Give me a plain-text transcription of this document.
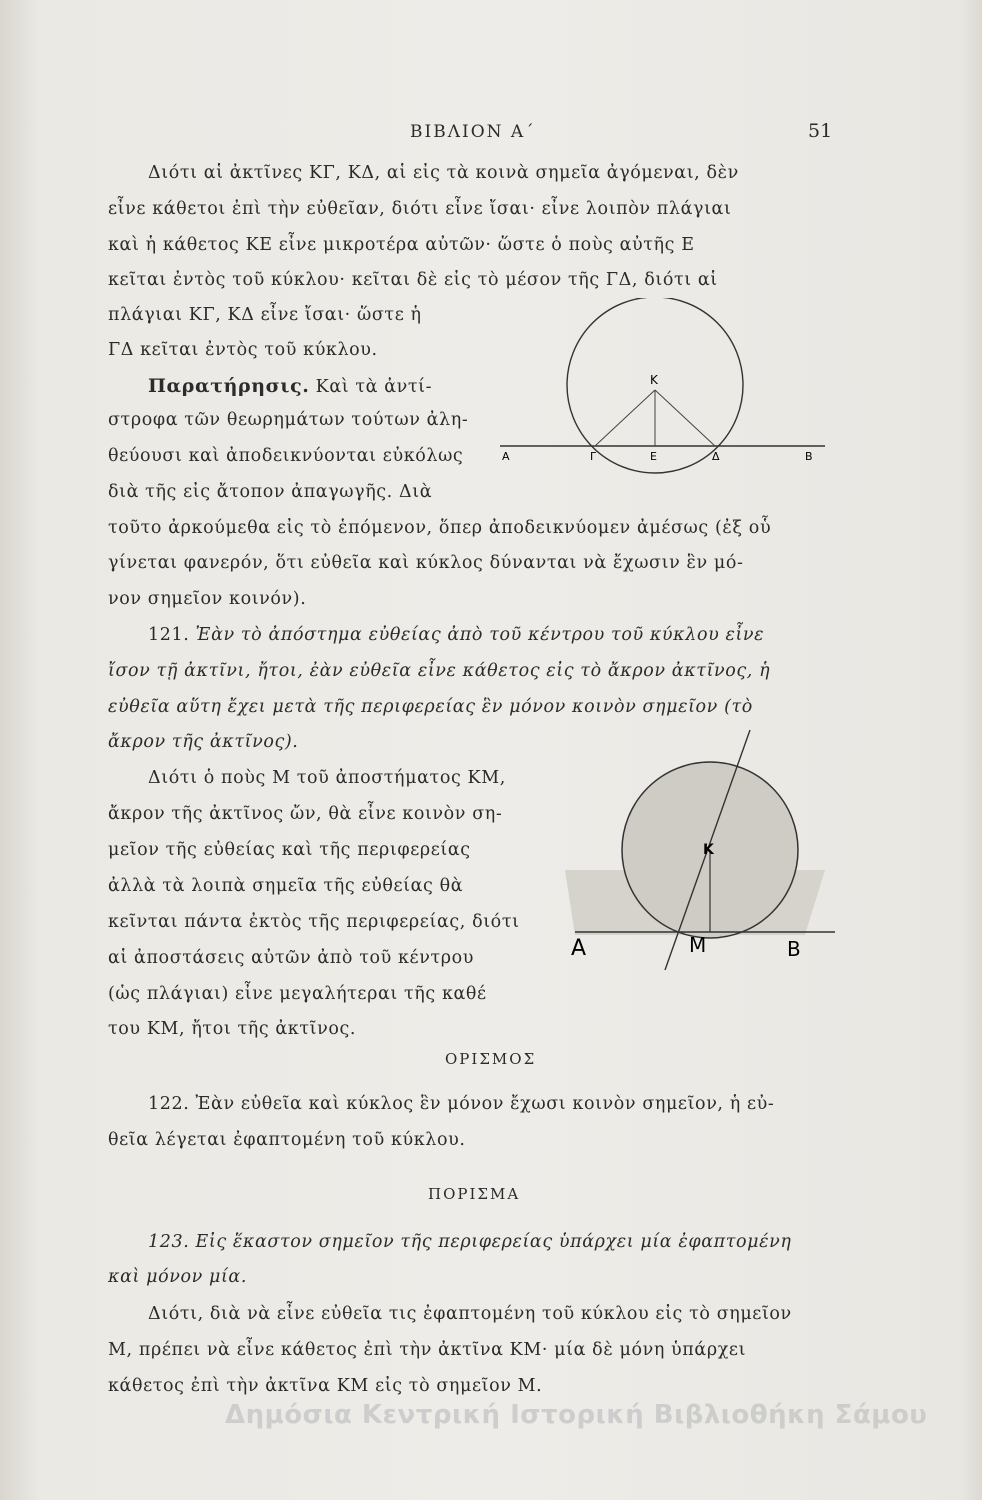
ΒΙΒΛΙΟΝ Α΄	51
Διότι αἱ ἀκτῖνες ΚΓ, ΚΔ, αἱ εἰς τὰ κοινὰ σημεῖα ἀγόμεναι, δὲν
εἶνε κάθετοι ἐπὶ τὴν εὐθεῖαν, διότι εἶνε ἴσαι· εἶνε λοιπὸν πλάγιαι
καὶ ἡ κάθετος ΚΕ εἶνε μικροτέρα αὐτῶν· ὥστε ὁ ποὺς αὐτῆς Ε
κεῖται ἐντὸς τοῦ κύκλου· κεῖται δὲ εἰς τὸ μέσον τῆς ΓΔ, διότι αἱ
πλάγιαι ΚΓ, ΚΔ εἶνε ἴσαι· ὥστε ἡ
ΓΔ κεῖται ἐντὸς τοῦ κύκλου.
Παρατήρησις. Καὶ τὰ ἀντί-
στροφα τῶν θεωρημάτων τούτων ἀλη-
θεύουσι καὶ ἀποδεικνύονται εὐκόλως
διὰ τῆς εἰς ἄτοπον ἀπαγωγῆς. Διὰ
τοῦτο ἀρκούμεθα εἰς τὸ ἑπόμενον, ὅπερ ἀποδεικνύομεν ἀμέσως (ἐξ οὗ
γίνεται φανερόν, ὅτι εὐθεῖα καὶ κύκλος δύνανται νὰ ἔχωσιν ἓν μό-
νον σημεῖον κοινόν).
121. Ἐὰν τὸ ἀπόστημα εὐθείας ἀπὸ τοῦ κέντρου τοῦ κύκλου εἶνε
ἴσον τῇ ἀκτῖνι, ἤτοι, ἐὰν εὐθεῖα εἶνε κάθετος εἰς τὸ ἄκρον ἀκτῖνος, ἡ
εὐθεῖα αὕτη ἔχει μετὰ τῆς περιφερείας ἓν μόνον κοινὸν σημεῖον (τὸ
ἄκρον τῆς ἀκτῖνος).
Διότι ὁ ποὺς Μ τοῦ ἀποστήματος ΚΜ,
ἄκρον τῆς ἀκτῖνος ὤν, θὰ εἶνε κοινὸν ση-
μεῖον τῆς εὐθείας καὶ τῆς περιφερείας
ἀλλὰ τὰ λοιπὰ σημεῖα τῆς εὐθείας θὰ
κεῖνται πάντα ἐκτὸς τῆς περιφερείας, διότι
αἱ ἀποστάσεις αὐτῶν ἀπὸ τοῦ κέντρου
(ὡς πλάγιαι) εἶνε μεγαλήτεραι τῆς καθέ
του ΚΜ, ἤτοι τῆς ἀκτῖνος.
ΟΡΙΣΜΟΣ
122. Ἐὰν εὐθεῖα καὶ κύκλος ἓν μόνον ἔχωσι κοινὸν σημεῖον, ἡ εὐ-
θεῖα λέγεται ἐφαπτομένη τοῦ κύκλου.
ΠΟΡΙΣΜΑ
123. Εἰς ἕκαστον σημεῖον τῆς περιφερείας ὑπάρχει μία ἐφαπτομένη
καὶ μόνον μία.
Διότι, διὰ νὰ εἶνε εὐθεῖα τις ἐφαπτομένη τοῦ κύκλου εἰς τὸ σημεῖον
Μ, πρέπει νὰ εἶνε κάθετος ἐπὶ τὴν ἀκτῖνα ΚΜ· μία δὲ μόνη ὑπάρχει
κάθετος ἐπὶ τὴν ἀκτῖνα ΚΜ εἰς τὸ σημεῖον Μ.
K
A	Γ	E	Δ	B
K
A	M	B
Δημόσια Κεντρική Ιστορική Βιβλιοθήκη Σάμου
